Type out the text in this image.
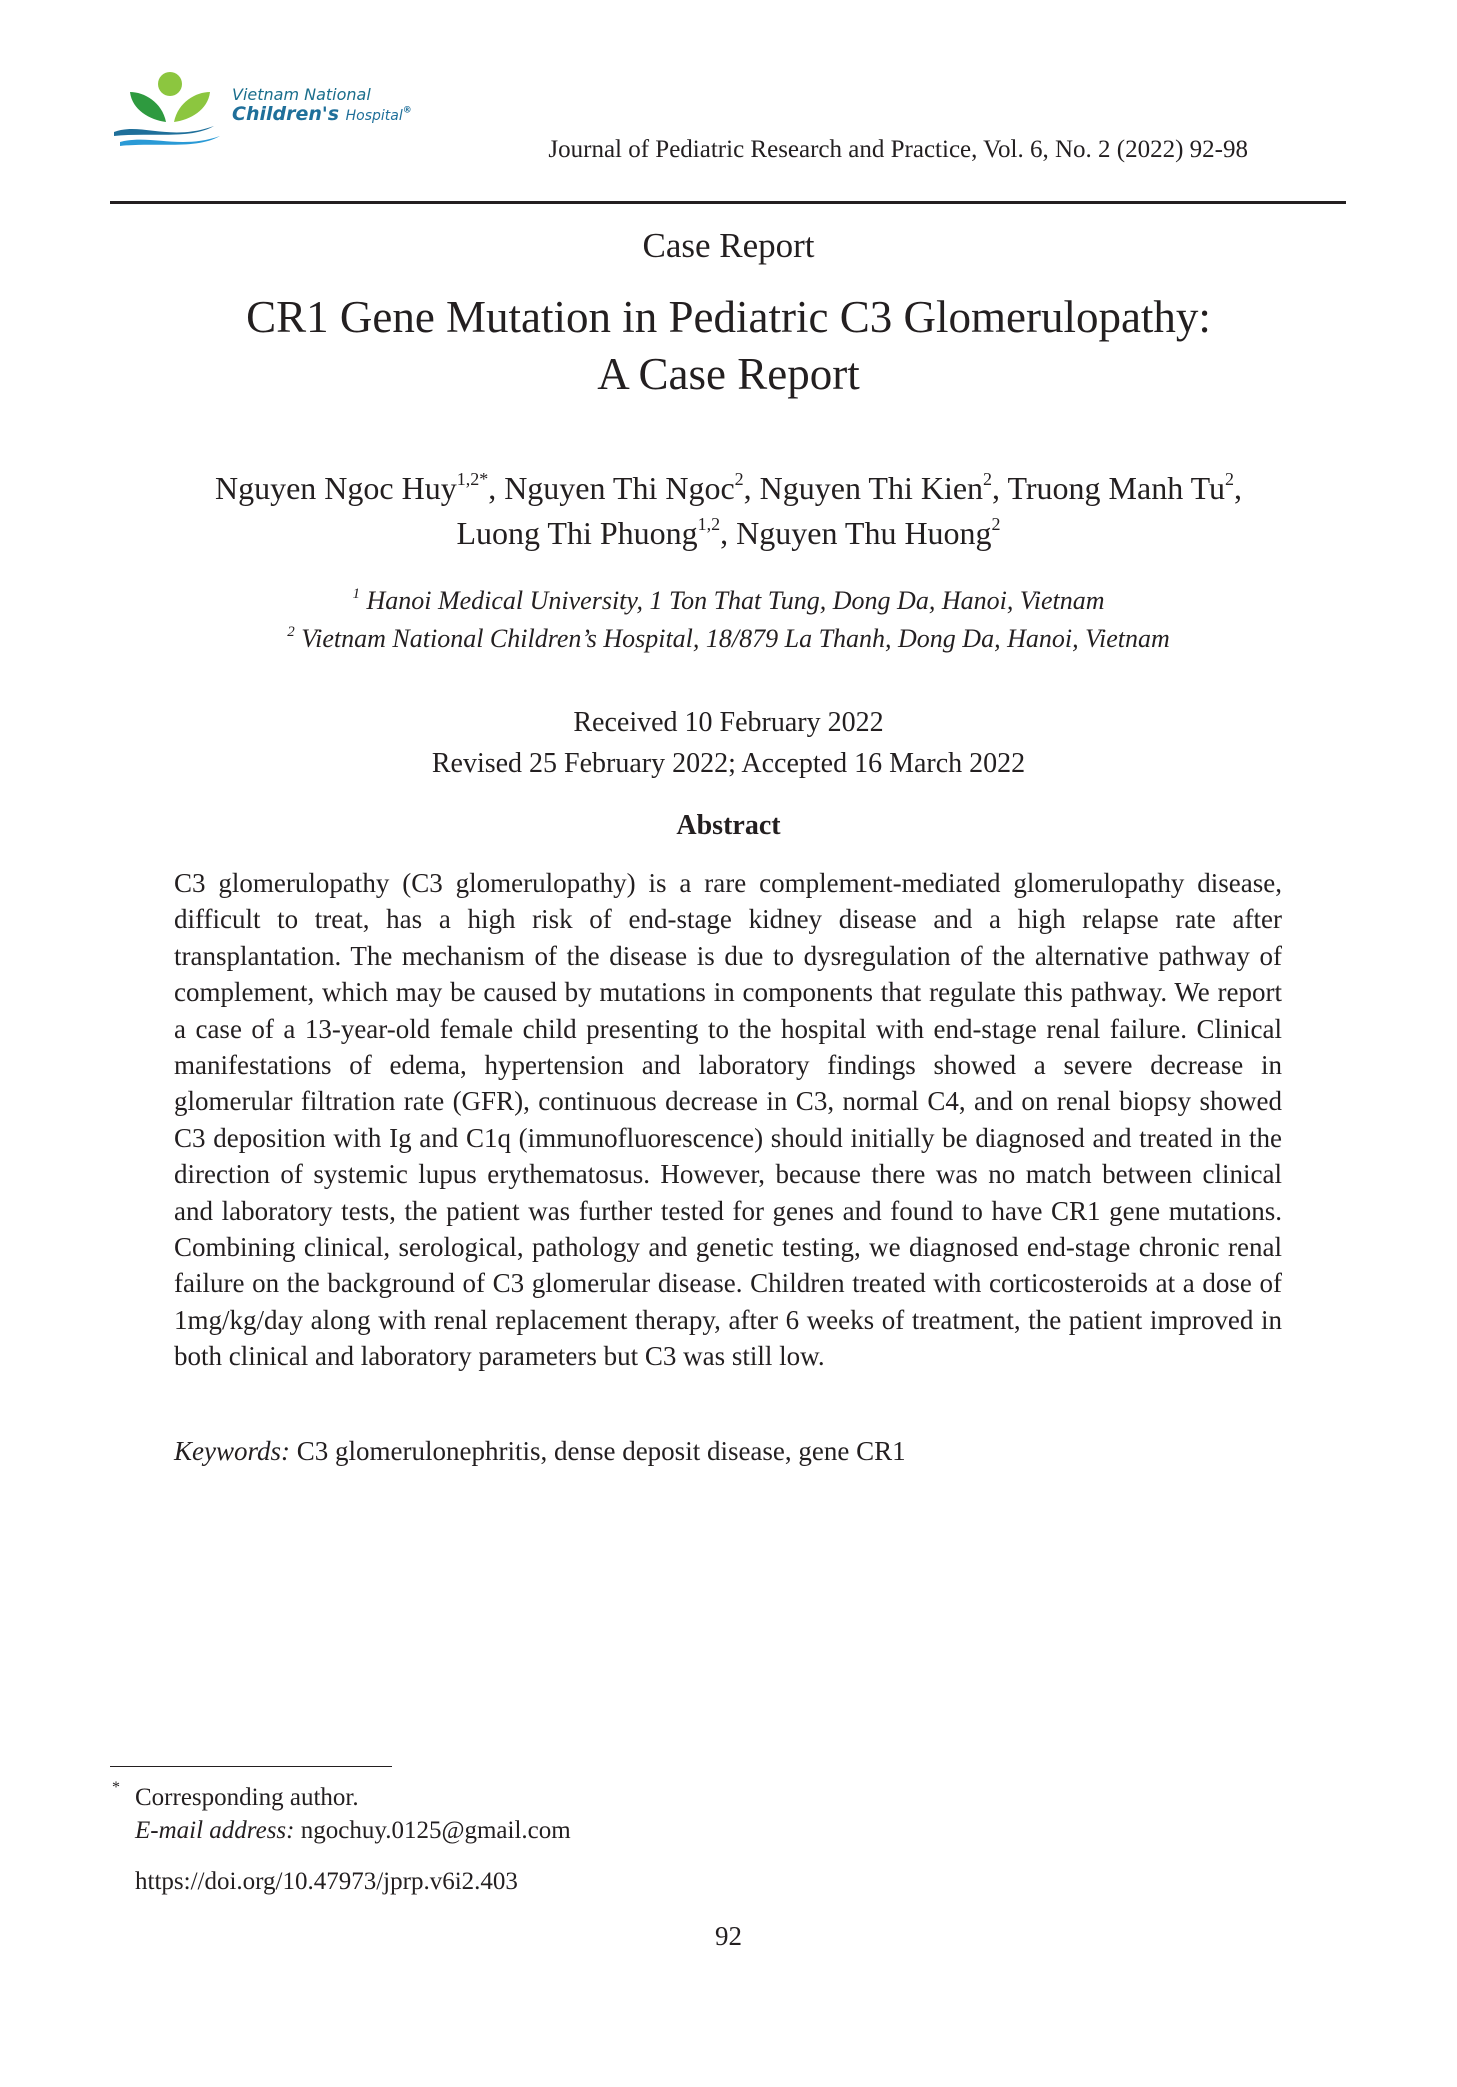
Vietnam National
Children's Hospital®
Journal of Pediatric Research and Practice, Vol. 6, No. 2 (2022) 92-98
Case Report
CR1 Gene Mutation in Pediatric C3 Glomerulopathy:
A Case Report
Nguyen Ngoc Huy$^{1,2*}$, Nguyen Thi Ngoc$^2$, Nguyen Thi Kien$^2$, Truong Manh Tu$^2$,
Luong Thi Phuong$^{1,2}$, Nguyen Thu Huong$^2$
$^1$ Hanoi Medical University, 1 Ton That Tung, Dong Da, Hanoi, Vietnam
$^2$ Vietnam National Children’s Hospital, 18/879 La Thanh, Dong Da, Hanoi, Vietnam
Received 10 February 2022
Revised 25 February 2022; Accepted 16 March 2022
Abstract
C3 glomerulopathy (C3 glomerulopathy) is a rare complement-mediated glomerulopathy disease, difficult to treat, has a high risk of end-stage kidney disease and a high relapse rate after transplantation. The mechanism of the disease is due to dysregulation of the alternative pathway of complement, which may be caused by mutations in components that regulate this pathway. We report a case of a 13-year-old female child presenting to the hospital with end-stage renal failure. Clinical manifestations of edema, hypertension and laboratory findings showed a severe decrease in glomerular filtration rate (GFR), continuous decrease in C3, normal C4, and on renal biopsy showed C3 deposition with Ig and C1q (immunofluorescence) should initially be diagnosed and treated in the direction of systemic lupus erythematosus. However, because there was no match between clinical and laboratory tests, the patient was further tested for genes and found to have CR1 gene mutations. Combining clinical, serological, pathology and genetic testing, we diagnosed end-stage chronic renal failure on the background of C3 glomerular disease. Children treated with corticosteroids at a dose of 1mg/kg/day along with renal replacement therapy, after 6 weeks of treatment, the patient improved in both clinical and laboratory parameters but C3 was still low.
Keywords: C3 glomerulonephritis, dense deposit disease, gene CR1
* Corresponding author.
E-mail address: ngochuy.0125@gmail.com
https://doi.org/10.47973/jprp.v6i2.403
92
